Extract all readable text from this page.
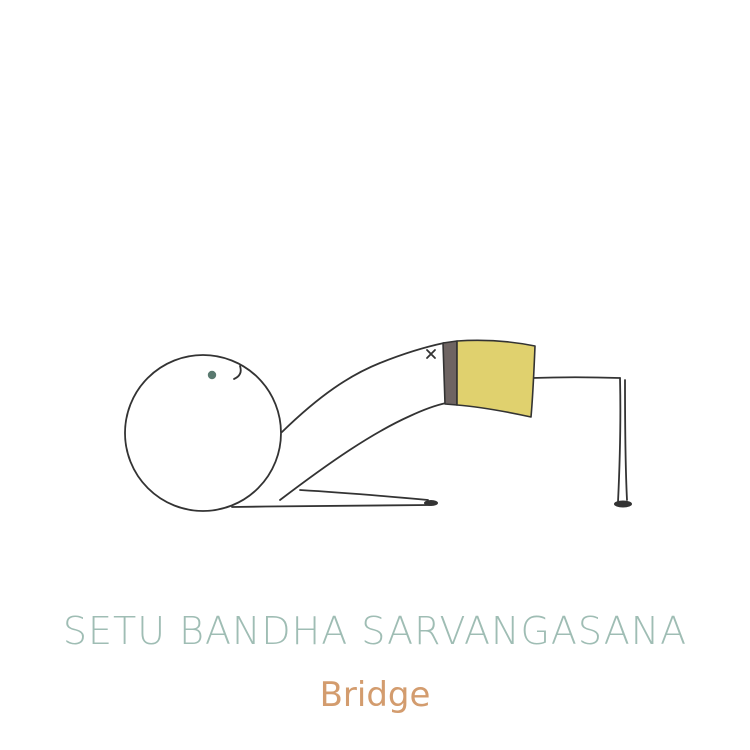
SETU BANDHA SARVANGASANA
Bridge
